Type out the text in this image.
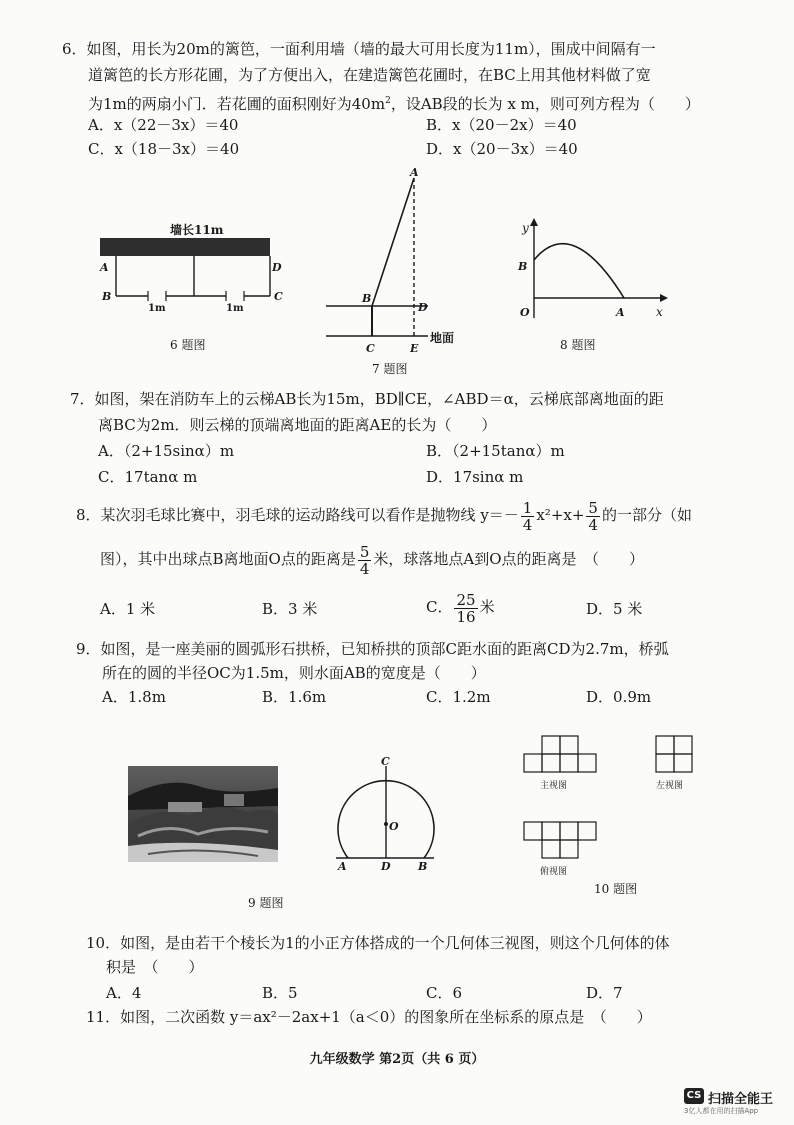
6．如图，用长为20m的篱笆，一面利用墙（墙的最大可用长度为11m），围成中间隔有一
道篱笆的长方形花圃，为了方便出入，在建造篱笆花圃时，在BC上用其他材料做了宽
为1m的两扇小门．若花圃的面积刚好为$40m^2$，设AB段的长为 x m，则可列方程为（　　）
A．x（22－3x）＝40	B．x（20－2x）＝40
C．x（18－3x）＝40	D．x（20－3x）＝40
墙长11m
A	D
B	C
1m	1m
6 题图
A
B
D
C	E
地面
7 题图
y
B
O	A	x
8 题图
7．如图，架在消防车上的云梯AB长为15m，BD∥CE，∠ABD＝α，云梯底部离地面的距
离BC为2m．则云梯的顶端离地面的距离AE的长为（　　）
A．（2+15sinα）m	B．（2+15tanα）m
C．17tanα m	D．17sinα m
8．某次羽毛球比赛中，羽毛球的运动路线可以看作是抛物线 $y=- \frac{1}{4} x^2+x+ \frac{5}{4}$ 的一部分（如
图），其中出球点B离地面O点的距离是 $\frac{5}{4}$ 米，球落地点A到O点的距离是　（　　）
A．1 米	B．3 米	C． $\frac{25}{16}$ 米	D．5 米
9．如图，是一座美丽的圆弧形石拱桥，已知桥拱的顶部C距水面的距离CD为2.7m，桥弧
所在的圆的半径OC为1.5m，则水面AB的宽度是（　　）
A．1.8m	B．1.6m	C．1.2m	D．0.9m
C
O
A	D B
9 题图
主视图	左视图
俯视图
10 题图
10．如图，是由若干个棱长为1的小正方体搭成的一个几何体三视图，则这个几何体的体
积是　（　　）
A．4	B．5	C．6	D．7
11．如图，二次函数 y＝ax²－2ax+1（a＜0）的图象所在坐标系的原点是　（　　）
九年级数学 第2页（共 6 页）
CS 扫描全能王
3亿人都在用的扫描App
